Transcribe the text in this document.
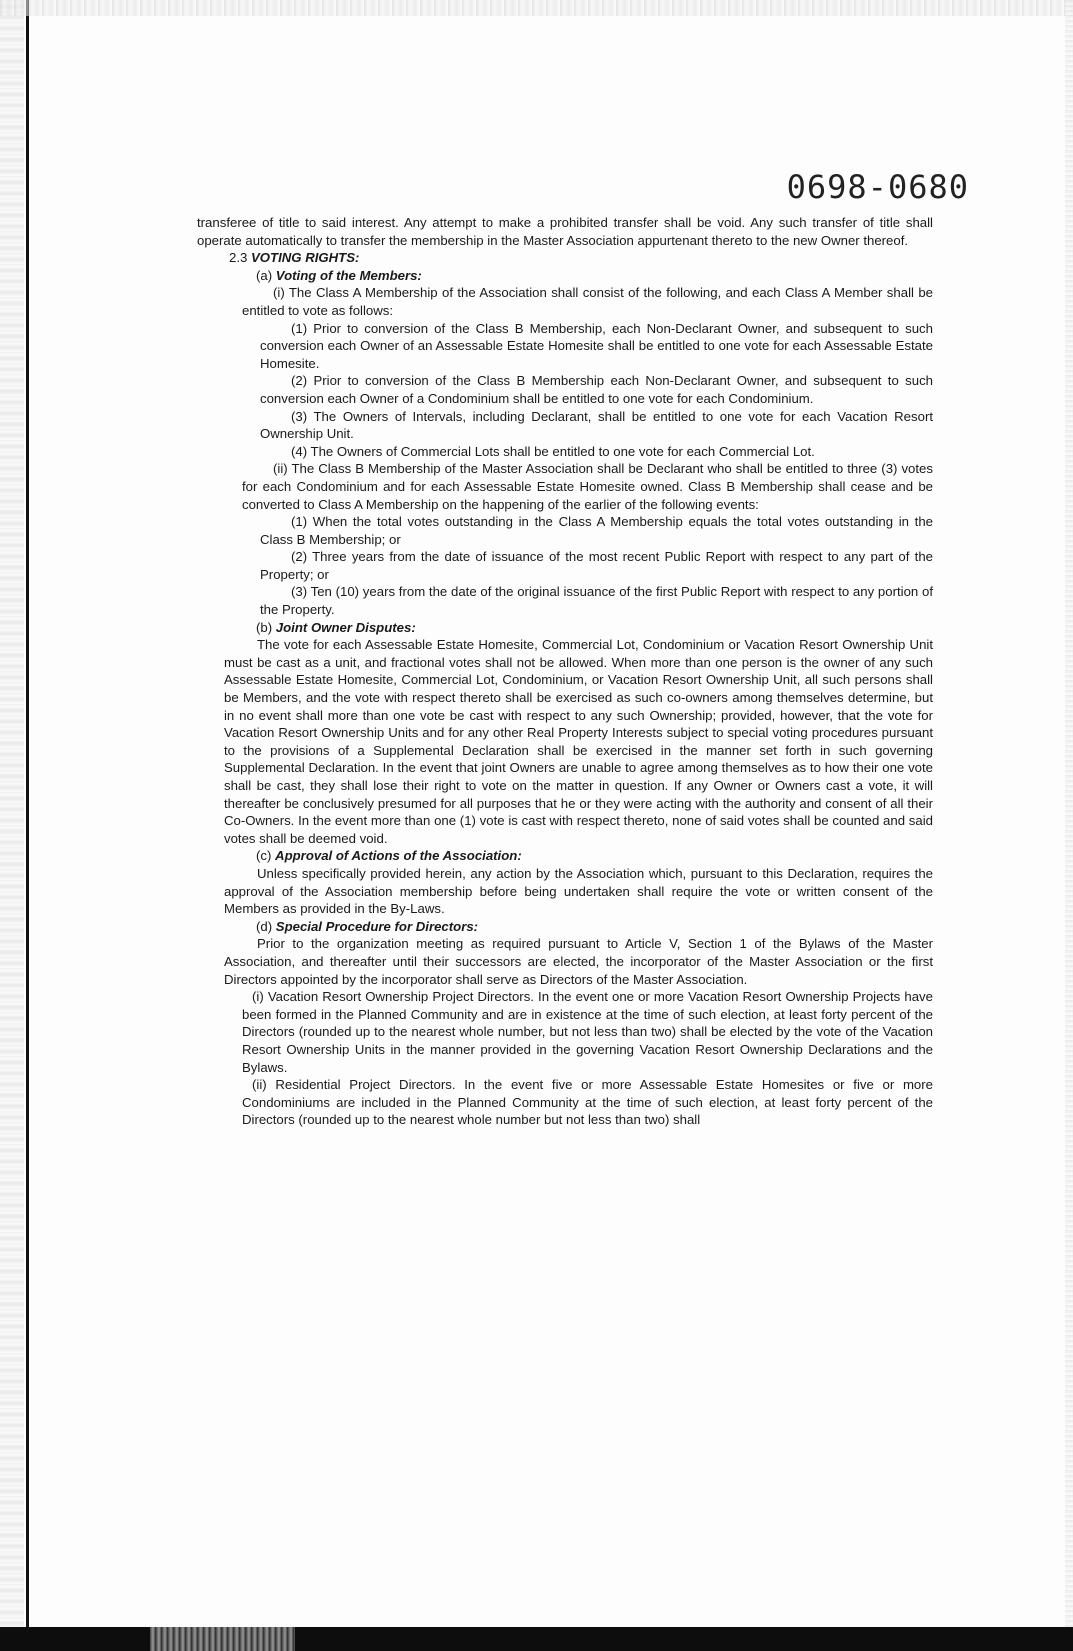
0698-0680

transferee of title to said interest. Any attempt to make a prohibited transfer shall be void. Any such transfer of title shall operate automatically to transfer the membership in the Master Association appurtenant thereto to the new Owner thereof.

2.3 VOTING RIGHTS:

(a) Voting of the Members:

(i) The Class A Membership of the Association shall consist of the following, and each Class A Member shall be entitled to vote as follows:

(1) Prior to conversion of the Class B Membership, each Non-Declarant Owner, and subsequent to such conversion each Owner of an Assessable Estate Homesite shall be entitled to one vote for each Assessable Estate Homesite.

(2) Prior to conversion of the Class B Membership each Non-Declarant Owner, and subsequent to such conversion each Owner of a Condominium shall be entitled to one vote for each Condominium.

(3) The Owners of Intervals, including Declarant, shall be entitled to one vote for each Vacation Resort Ownership Unit.

(4) The Owners of Commercial Lots shall be entitled to one vote for each Commercial Lot.

(ii) The Class B Membership of the Master Association shall be Declarant who shall be entitled to three (3) votes for each Condominium and for each Assessable Estate Homesite owned. Class B Membership shall cease and be converted to Class A Membership on the happening of the earlier of the following events:

(1) When the total votes outstanding in the Class A Membership equals the total votes outstanding in the Class B Membership; or

(2) Three years from the date of issuance of the most recent Public Report with respect to any part of the Property; or

(3) Ten (10) years from the date of the original issuance of the first Public Report with respect to any portion of the Property.

(b) Joint Owner Disputes:

The vote for each Assessable Estate Homesite, Commercial Lot, Condominium or Vacation Resort Ownership Unit must be cast as a unit, and fractional votes shall not be allowed. When more than one person is the owner of any such Assessable Estate Homesite, Commercial Lot, Condominium, or Vacation Resort Ownership Unit, all such persons shall be Members, and the vote with respect thereto shall be exercised as such co-owners among themselves determine, but in no event shall more than one vote be cast with respect to any such Ownership; provided, however, that the vote for Vacation Resort Ownership Units and for any other Real Property Interests subject to special voting procedures pursuant to the provisions of a Supplemental Declaration shall be exercised in the manner set forth in such governing Supplemental Declaration. In the event that joint Owners are unable to agree among themselves as to how their one vote shall be cast, they shall lose their right to vote on the matter in question. If any Owner or Owners cast a vote, it will thereafter be conclusively presumed for all purposes that he or they were acting with the authority and consent of all their Co-Owners. In the event more than one (1) vote is cast with respect thereto, none of said votes shall be counted and said votes shall be deemed void.

(c) Approval of Actions of the Association:

Unless specifically provided herein, any action by the Association which, pursuant to this Declaration, requires the approval of the Association membership before being undertaken shall require the vote or written consent of the Members as provided in the By-Laws.

(d) Special Procedure for Directors:

Prior to the organization meeting as required pursuant to Article V, Section 1 of the Bylaws of the Master Association, and thereafter until their successors are elected, the incorporator of the Master Association or the first Directors appointed by the incorporator shall serve as Directors of the Master Association.

(i) Vacation Resort Ownership Project Directors. In the event one or more Vacation Resort Ownership Projects have been formed in the Planned Community and are in existence at the time of such election, at least forty percent of the Directors (rounded up to the nearest whole number, but not less than two) shall be elected by the vote of the Vacation Resort Ownership Units in the manner provided in the governing Vacation Resort Ownership Declarations and the Bylaws.

(ii) Residential Project Directors. In the event five or more Assessable Estate Homesites or five or more Condominiums are included in the Planned Community at the time of such election, at least forty percent of the Directors (rounded up to the nearest whole number but not less than two) shall
